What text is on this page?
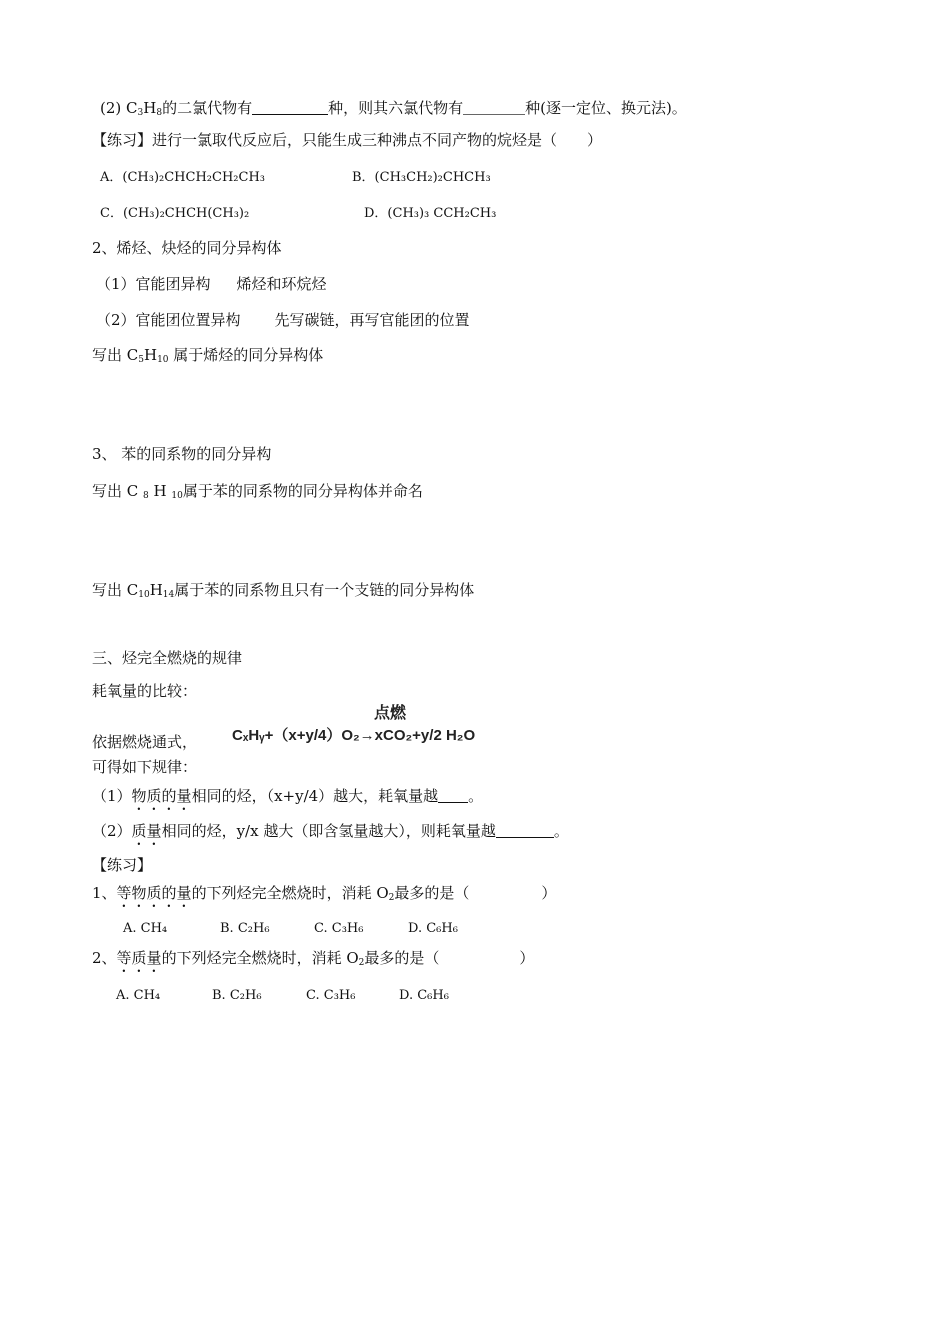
(2) $C_3H_8$的二氯代物有	种，则其六氯代物有	种(逐一定位、换元法)。
【练习】进行一氯取代反应后，只能生成三种沸点不同产物的烷烃是（　　）
A．(CH₃)₂CHCH₂CH₂CH₃	B．(CH₃CH₂)₂CHCH₃
C．(CH₃)₂CHCH(CH₃)₂	D．(CH₃)₃ CCH₂CH₃
2、烯烃、炔烃的同分异构体
（1）官能团异构 烯烃和环烷烃
（2）官能团位置异构 先写碳链，再写官能团的位置
写出 $C_5H_{10}$ 属于烯烃的同分异构体
3、 苯的同系物的同分异构
写出 C $_8$ H $_{10}$属于苯的同系物的同分异构体并命名
写出 $C_{10}H_{14}$属于苯的同系物且只有一个支链的同分异构体
三、烃完全燃烧的规律
耗氧量的比较：
点燃
依据燃烧通式， CₓHᵧ+（x+y/4）O₂→xCO₂+y/2 H₂O
可得如下规律：
（1）物质的量相同的烃，（x+y/4）越大，耗氧量越 。
（2）质量相同的烃，y/x 越大（即含氢量越大），则耗氧量越	。
【练习】
1、等物质的量的下列烃完全燃烧时，消耗 $O_2$最多的是（	）
A. CH₄	B. C₂H₆	C. C₃H₆	D. C₆H₆
2、等质量的下列烃完全燃烧时，消耗 $O_2$最多的是（	）
A. CH₄	B. C₂H₆	C. C₃H₆	D. C₆H₆
